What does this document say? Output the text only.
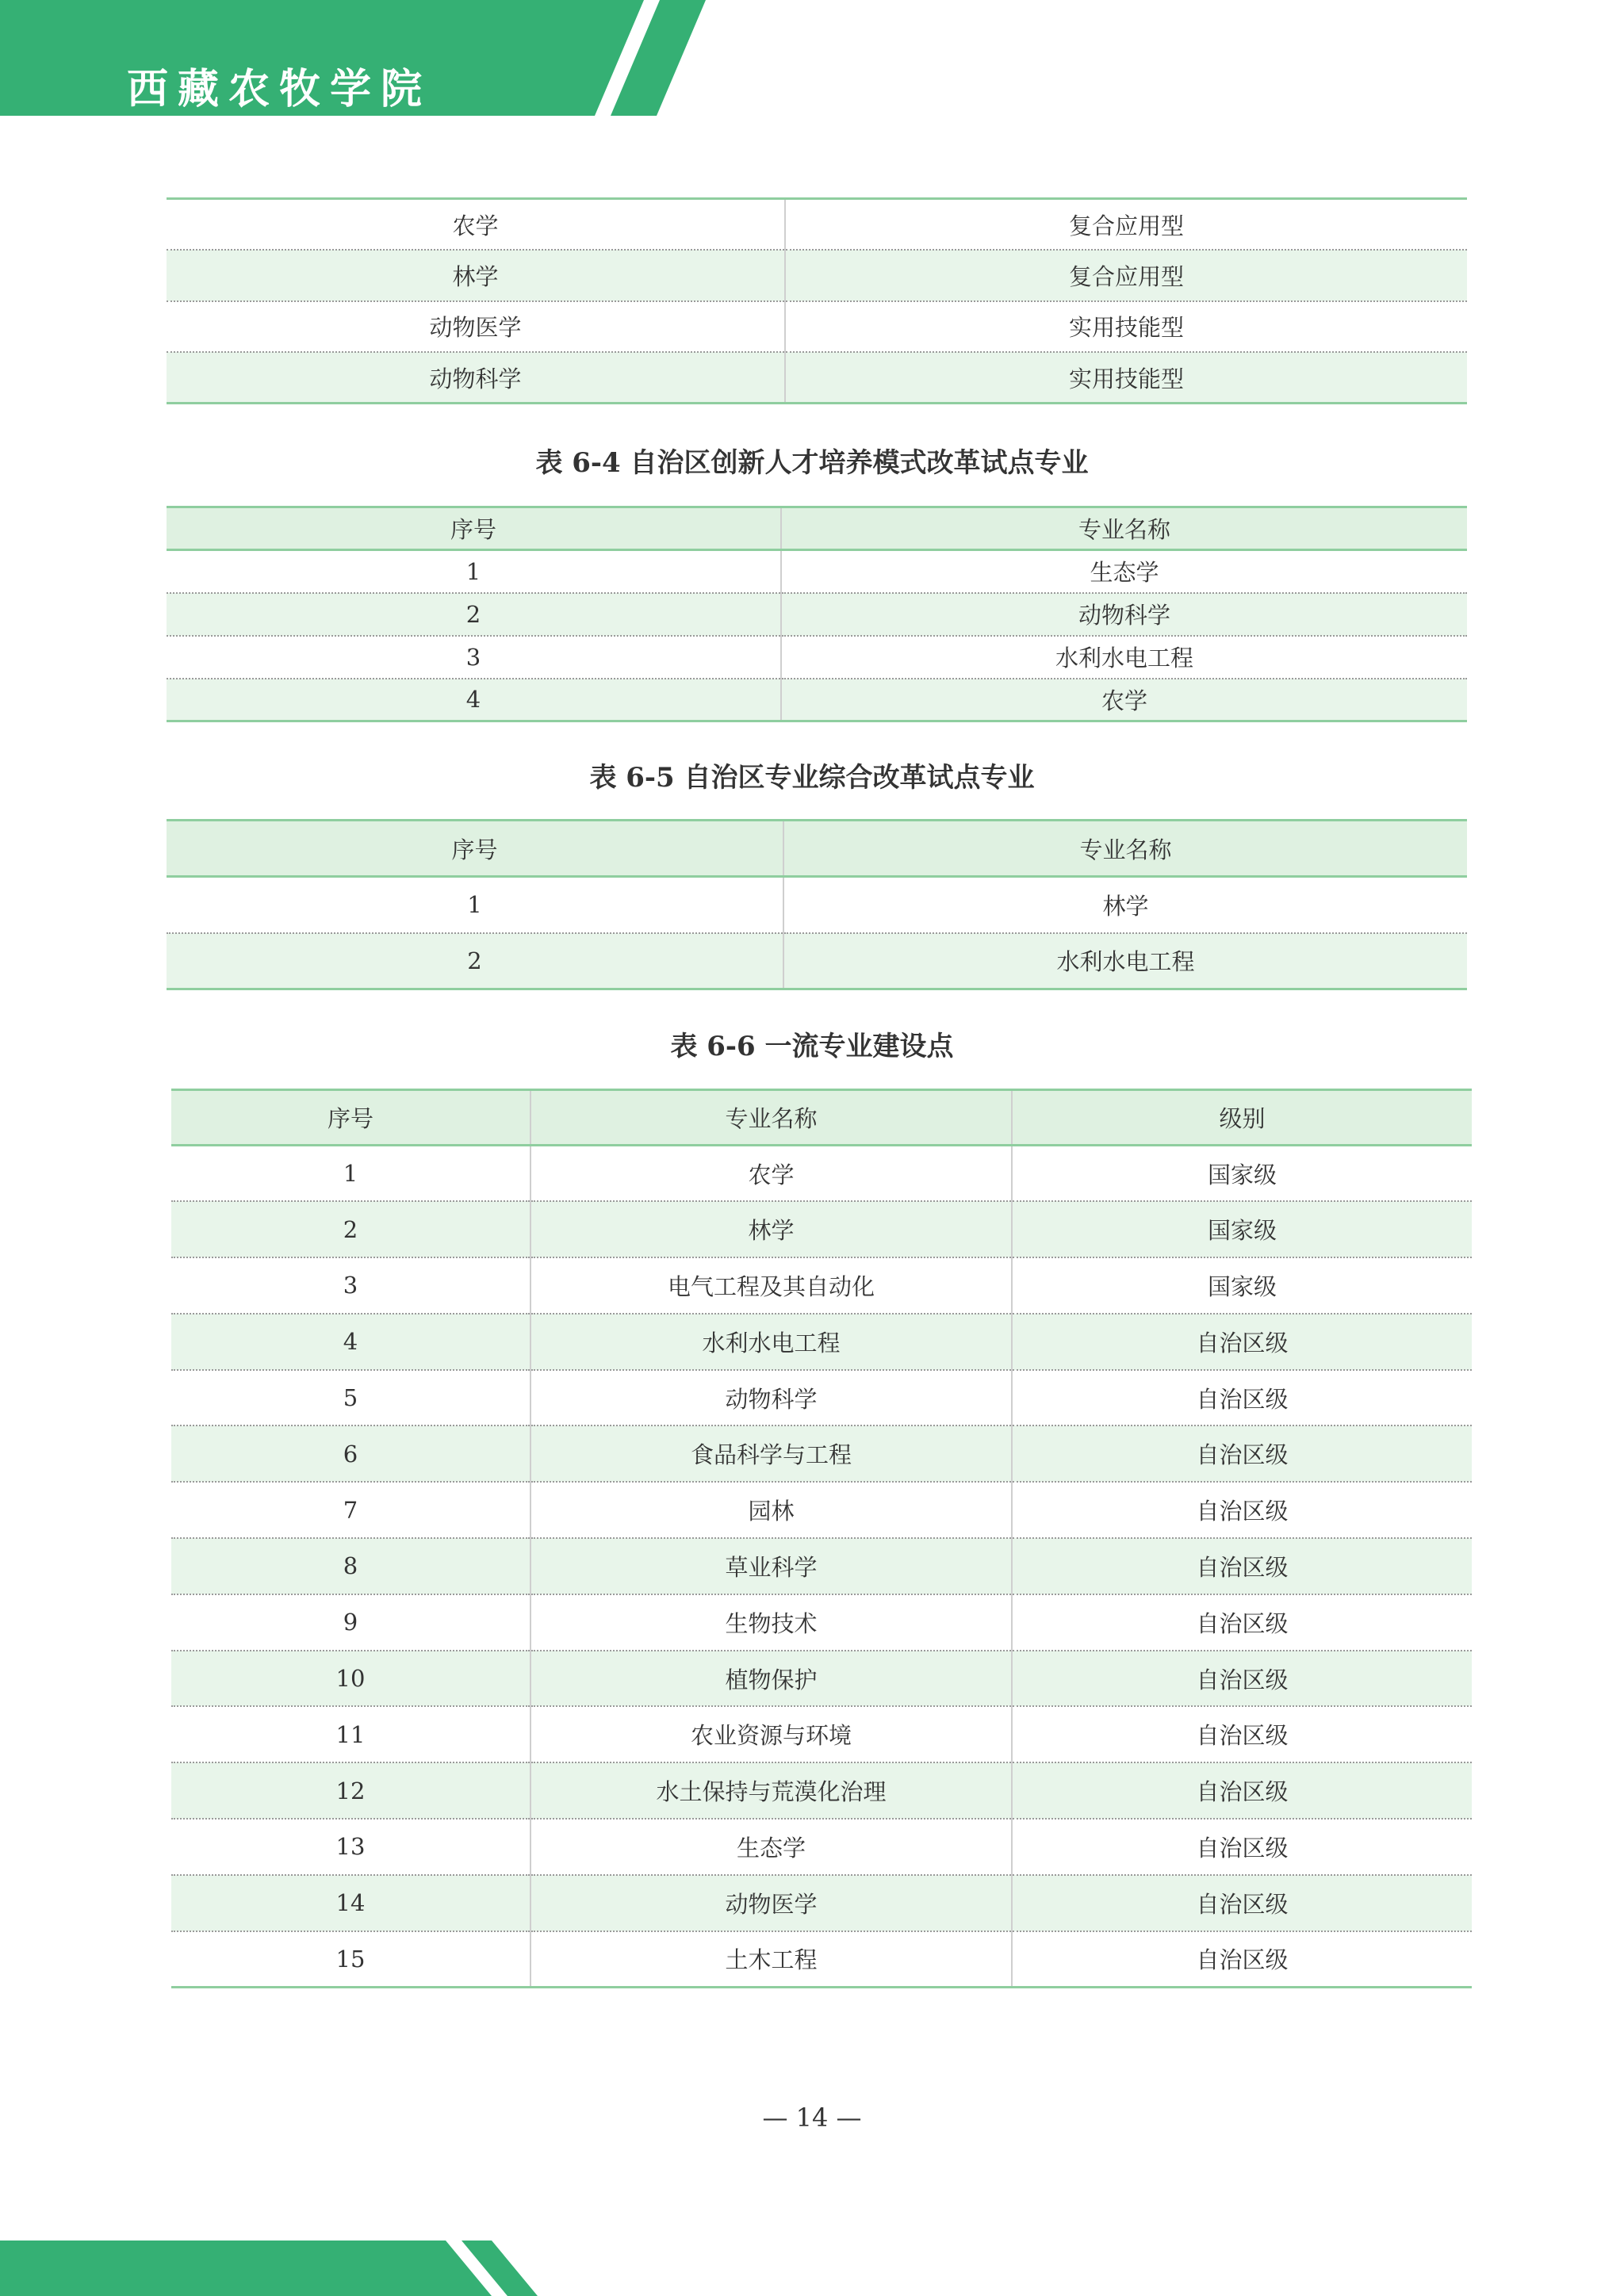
西藏农牧学院
农学	复合应用型
林学	复合应用型
动物医学	实用技能型
动物科学	实用技能型
表 6-4 自治区创新人才培养模式改革试点专业
序号	专业名称
1	生态学
2	动物科学
3	水利水电工程
4	农学
表 6-5 自治区专业综合改革试点专业
序号	专业名称
1	林学
2	水利水电工程
表 6-6 一流专业建设点
序号	专业名称	级别
1	农学	国家级
2	林学	国家级
3	电气工程及其自动化	国家级
4	水利水电工程	自治区级
5	动物科学	自治区级
6	食品科学与工程	自治区级
7	园林	自治区级
8	草业科学	自治区级
9	生物技术	自治区级
10	植物保护	自治区级
11	农业资源与环境	自治区级
12	水土保持与荒漠化治理	自治区级
13	生态学	自治区级
14	动物医学	自治区级
15	土木工程	自治区级
— 14 —
